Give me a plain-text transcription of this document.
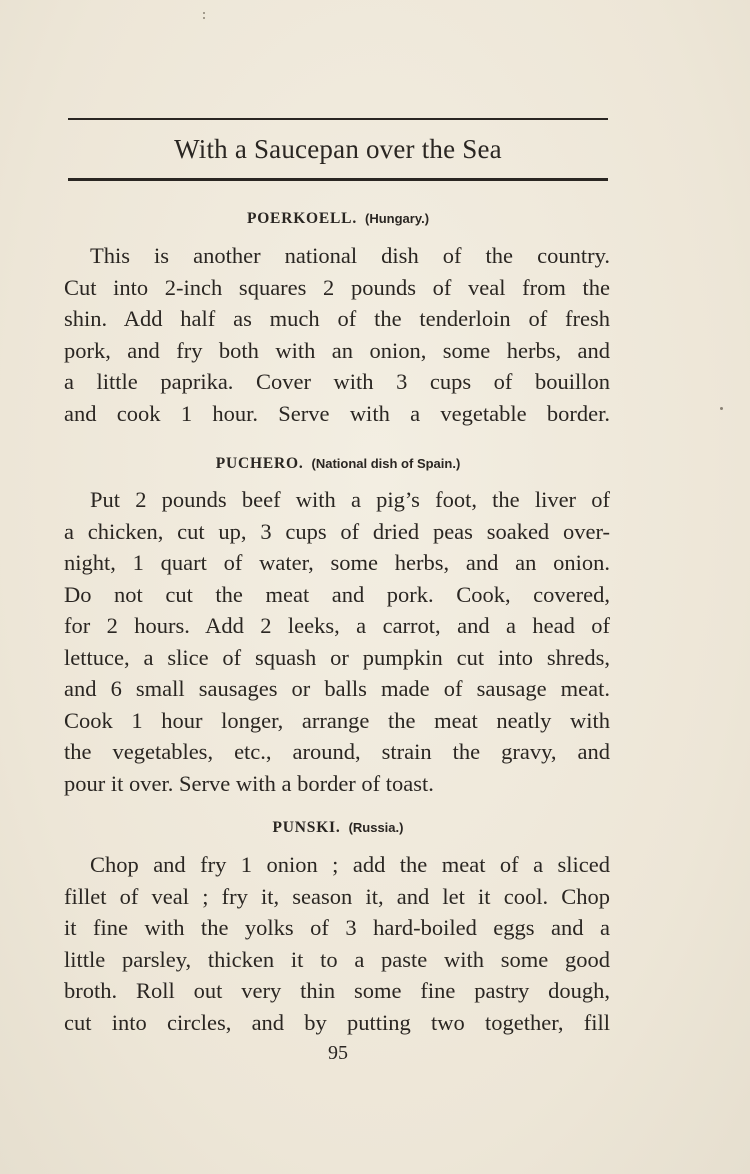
With a Saucepan over the Sea
POERKOELL. (Hungary.)
This is another national dish of the country.
Cut into 2-inch squares 2 pounds of veal from the
shin. Add half as much of the tenderloin of fresh
pork, and fry both with an onion, some herbs, and
a little paprika. Cover with 3 cups of bouillon
and cook 1 hour. Serve with a vegetable border.
PUCHERO. (National dish of Spain.)
Put 2 pounds beef with a pig’s foot, the liver of
a chicken, cut up, 3 cups of dried peas soaked over-
night, 1 quart of water, some herbs, and an onion.
Do not cut the meat and pork. Cook, covered,
for 2 hours. Add 2 leeks, a carrot, and a head of
lettuce, a slice of squash or pumpkin cut into shreds,
and 6 small sausages or balls made of sausage meat.
Cook 1 hour longer, arrange the meat neatly with
the vegetables, etc., around, strain the gravy, and
pour it over. Serve with a border of toast.
PUNSKI. (Russia.)
Chop and fry 1 onion ; add the meat of a sliced
fillet of veal ; fry it, season it, and let it cool. Chop
it fine with the yolks of 3 hard-boiled eggs and a
little parsley, thicken it to a paste with some good
broth. Roll out very thin some fine pastry dough,
cut into circles, and by putting two together, fill
95
